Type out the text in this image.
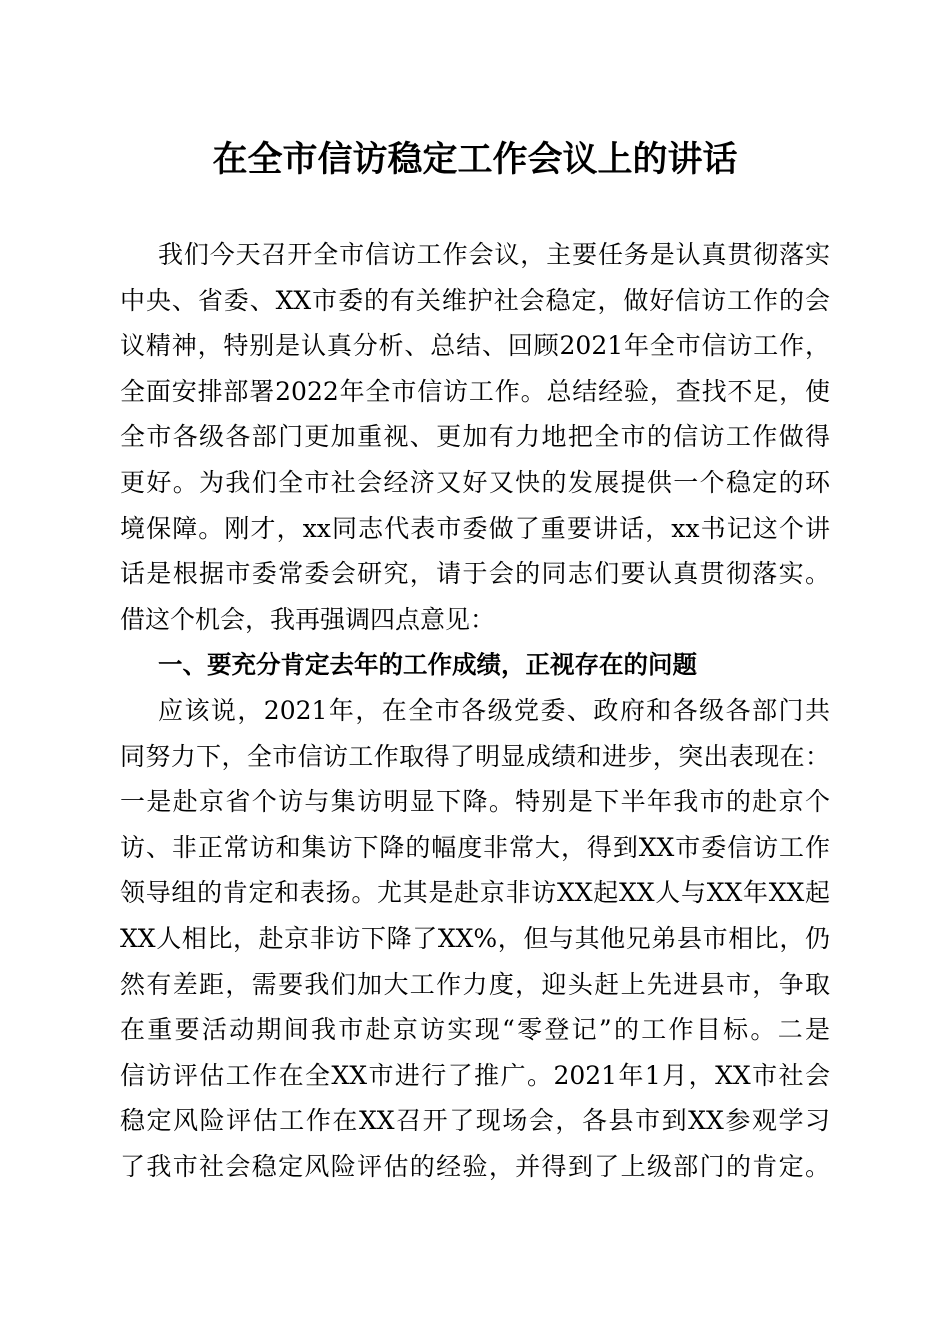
在全市信访稳定工作会议上的讲话
我们今天召开全市信访工作会议，主要任务是认真贯彻落实
中央、省委、XX市委的有关维护社会稳定，做好信访工作的会
议精神，特别是认真分析、总结、回顾2021年全市信访工作，
全面安排部署2022年全市信访工作。总结经验，查找不足，使
全市各级各部门更加重视、更加有力地把全市的信访工作做得
更好。为我们全市社会经济又好又快的发展提供一个稳定的环
境保障。刚才，xx同志代表市委做了重要讲话，xx书记这个讲
话是根据市委常委会研究，请于会的同志们要认真贯彻落实。
借这个机会，我再强调四点意见：
一、要充分肯定去年的工作成绩，正视存在的问题
应该说，2021年，在全市各级党委、政府和各级各部门共
同努力下，全市信访工作取得了明显成绩和进步，突出表现在：
一是赴京省个访与集访明显下降。特别是下半年我市的赴京个
访、非正常访和集访下降的幅度非常大，得到XX市委信访工作
领导组的肯定和表扬。尤其是赴京非访XX起XX人与XX年XX起
XX人相比，赴京非访下降了XX%，但与其他兄弟县市相比，仍
然有差距，需要我们加大工作力度，迎头赶上先进县市，争取
在重要活动期间我市赴京访实现“零登记”的工作目标。二是
信访评估工作在全XX市进行了推广。2021年1月，XX市社会
稳定风险评估工作在XX召开了现场会，各县市到XX参观学习
了我市社会稳定风险评估的经验，并得到了上级部门的肯定。
